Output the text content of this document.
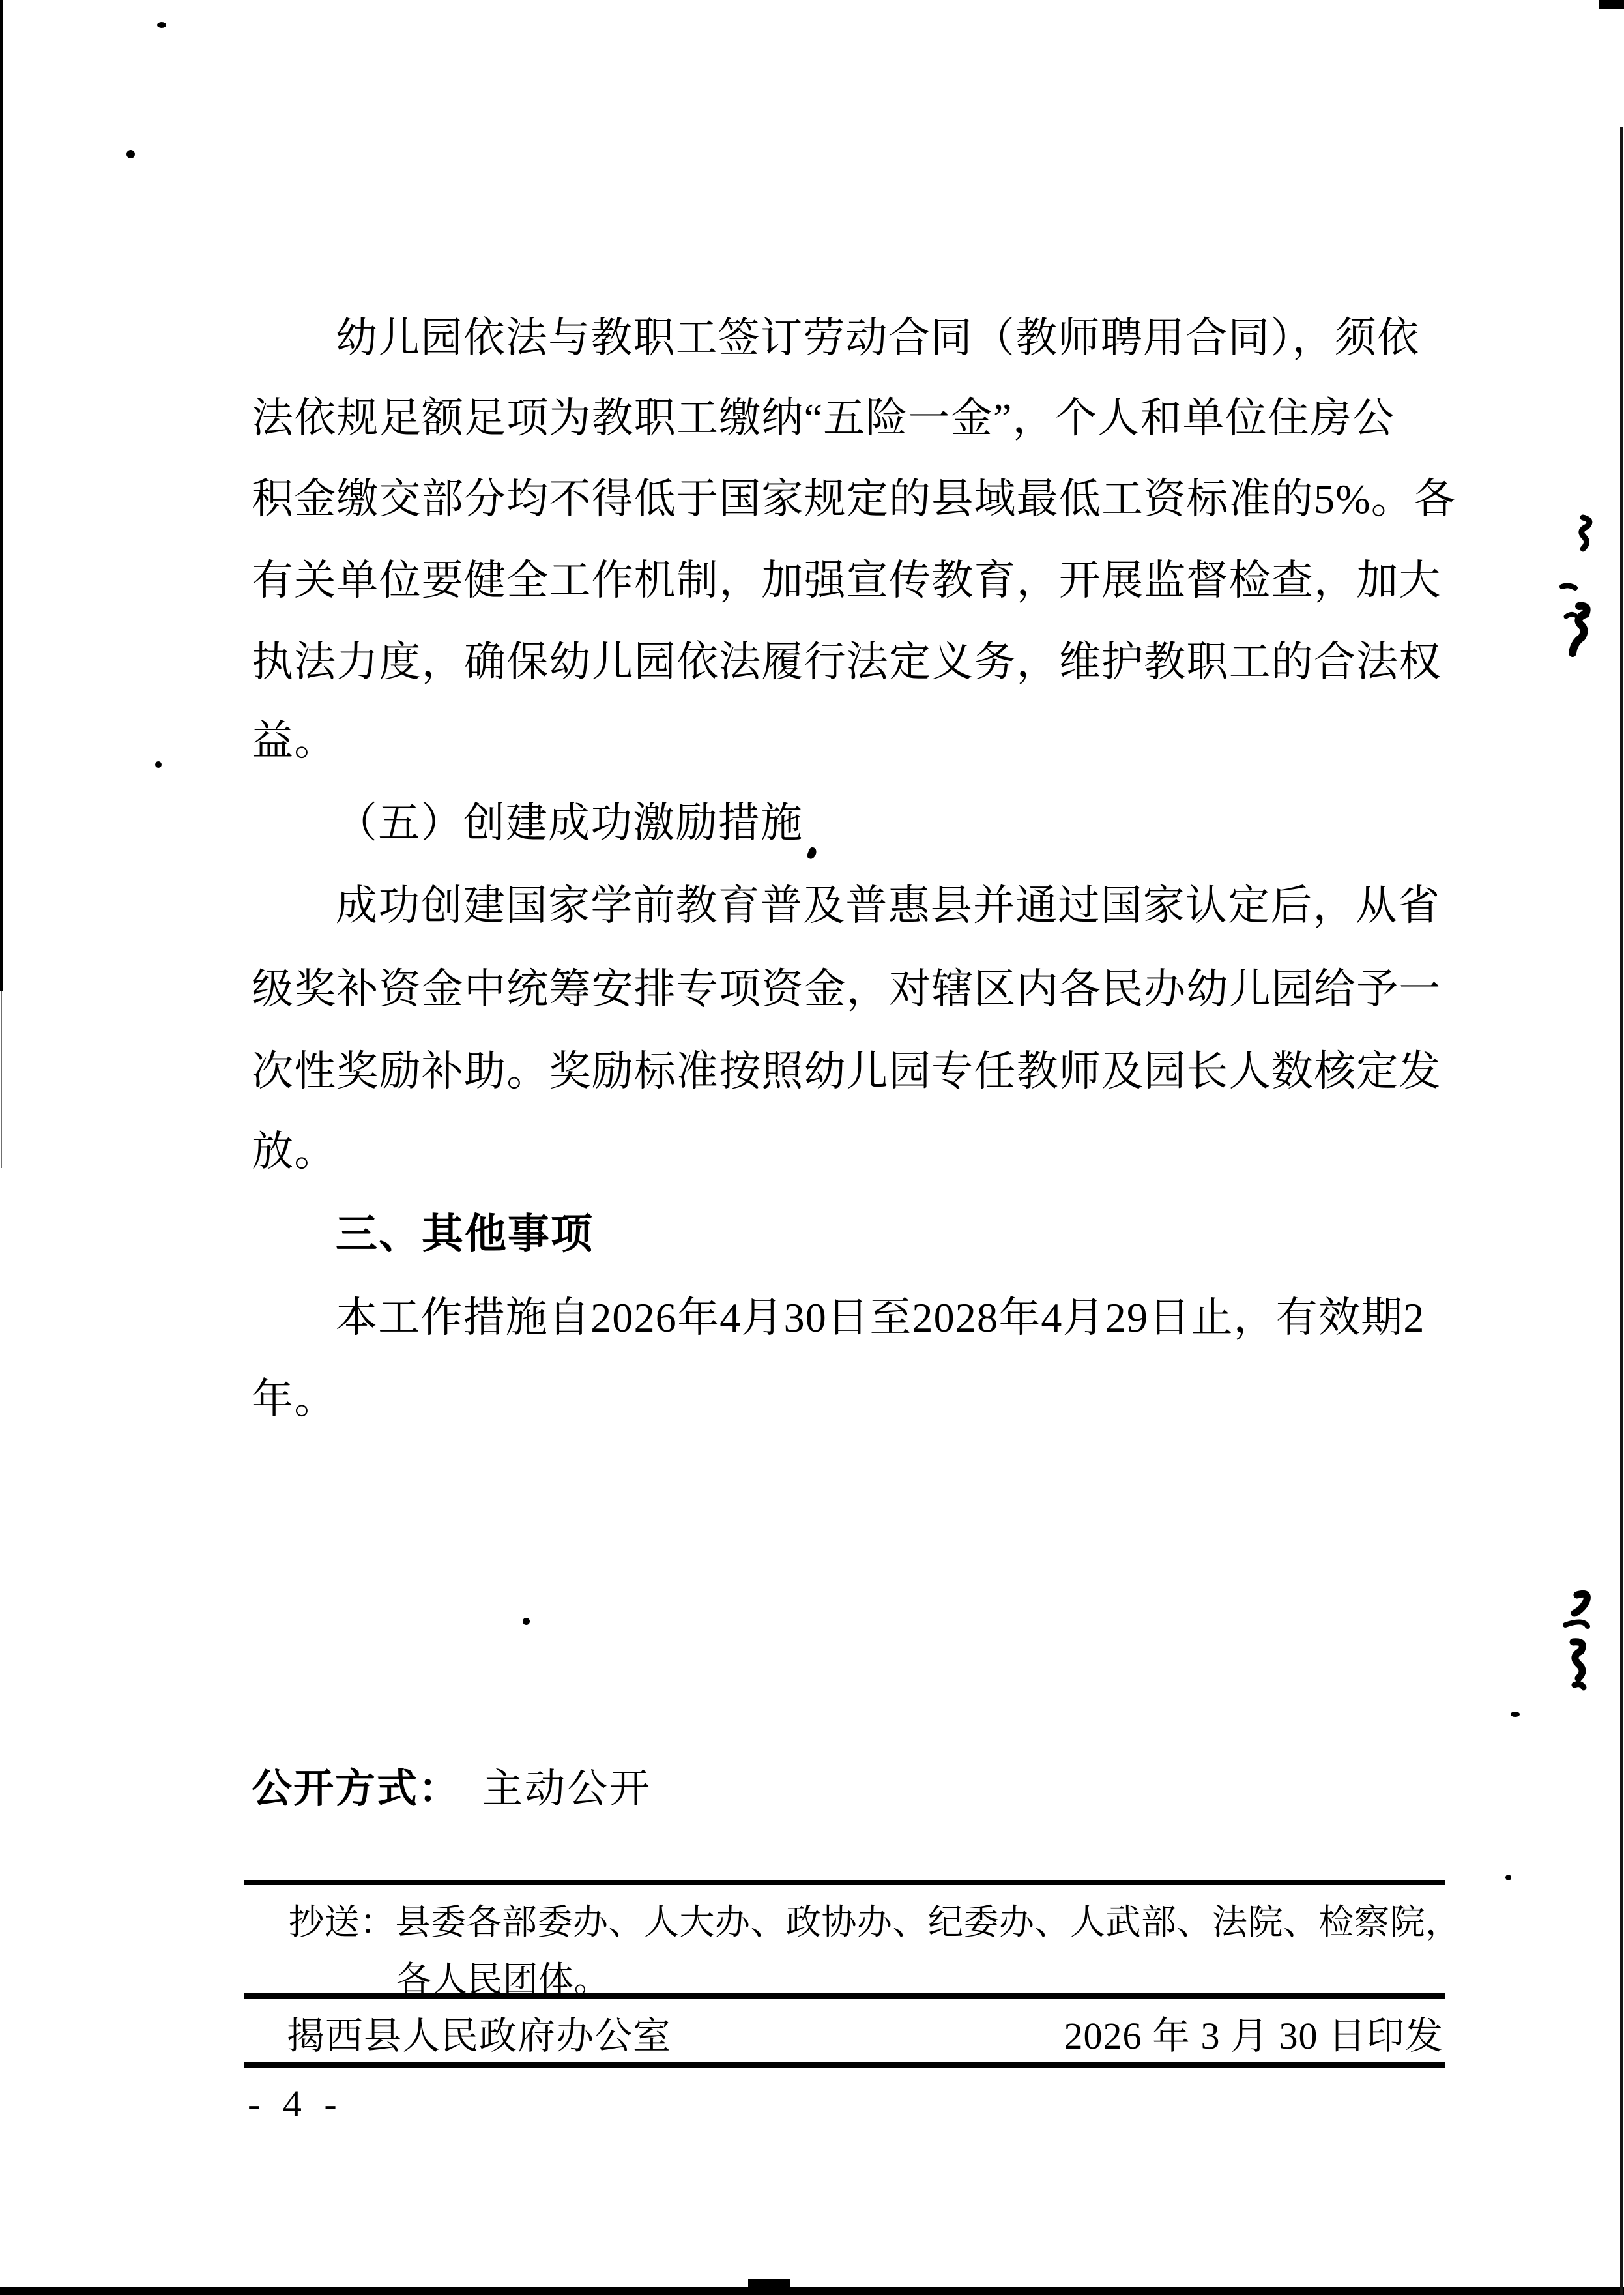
幼儿园依法与教职工签订劳动合同（教师聘用合同），须依
法依规足额足项为教职工缴纳“五险一金”，个人和单位住房公
积金缴交部分均不得低于国家规定的县域最低工资标准的5%。各
有关单位要健全工作机制，加强宣传教育，开展监督检查，加大
执法力度，确保幼儿园依法履行法定义务，维护教职工的合法权
益。
（五）创建成功激励措施
成功创建国家学前教育普及普惠县并通过国家认定后，从省
级奖补资金中统筹安排专项资金，对辖区内各民办幼儿园给予一
次性奖励补助。奖励标准按照幼儿园专任教师及园长人数核定发
放。
三、其他事项
本工作措施自2026年4月30日至2028年4月29日止，有效期2
年。
公开方式： 主动公开
抄送：县委各部委办、人大办、政协办、纪委办、人武部、法院、检察院，
各人民团体。
揭西县人民政府办公室	2026 年 3 月 30 日印发
- 4 -
